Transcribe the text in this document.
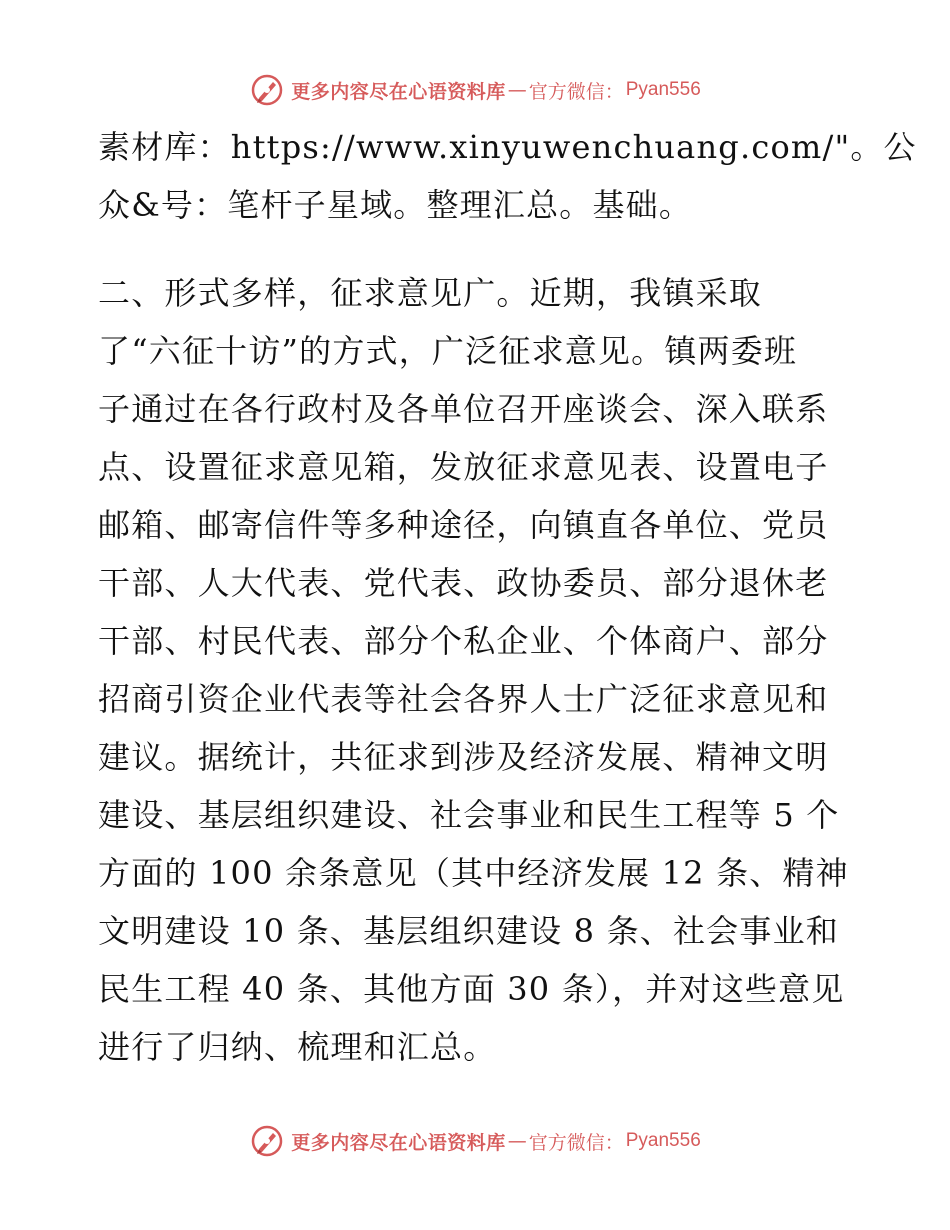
更多内容尽在心语资料库 — 官方微信： Pyan556
素材库：https://www.xinyuwenchuang.com/"。公
众&号：笔杆子星域。整理汇总。基础。
二、形式多样，征求意见广。近期，我镇采取
了“六征十访”的方式，广泛征求意见。镇两委班
子通过在各行政村及各单位召开座谈会、深入联系
点、设置征求意见箱，发放征求意见表、设置电子
邮箱、邮寄信件等多种途径，向镇直各单位、党员
干部、人大代表、党代表、政协委员、部分退休老
干部、村民代表、部分个私企业、个体商户、部分
招商引资企业代表等社会各界人士广泛征求意见和
建议。据统计，共征求到涉及经济发展、精神文明
建设、基层组织建设、社会事业和民生工程等 5 个
方面的 100 余条意见（其中经济发展 12 条、精神
文明建设 10 条、基层组织建设 8 条、社会事业和
民生工程 40 条、其他方面 30 条），并对这些意见
进行了归纳、梳理和汇总。
更多内容尽在心语资料库 — 官方微信： Pyan556
